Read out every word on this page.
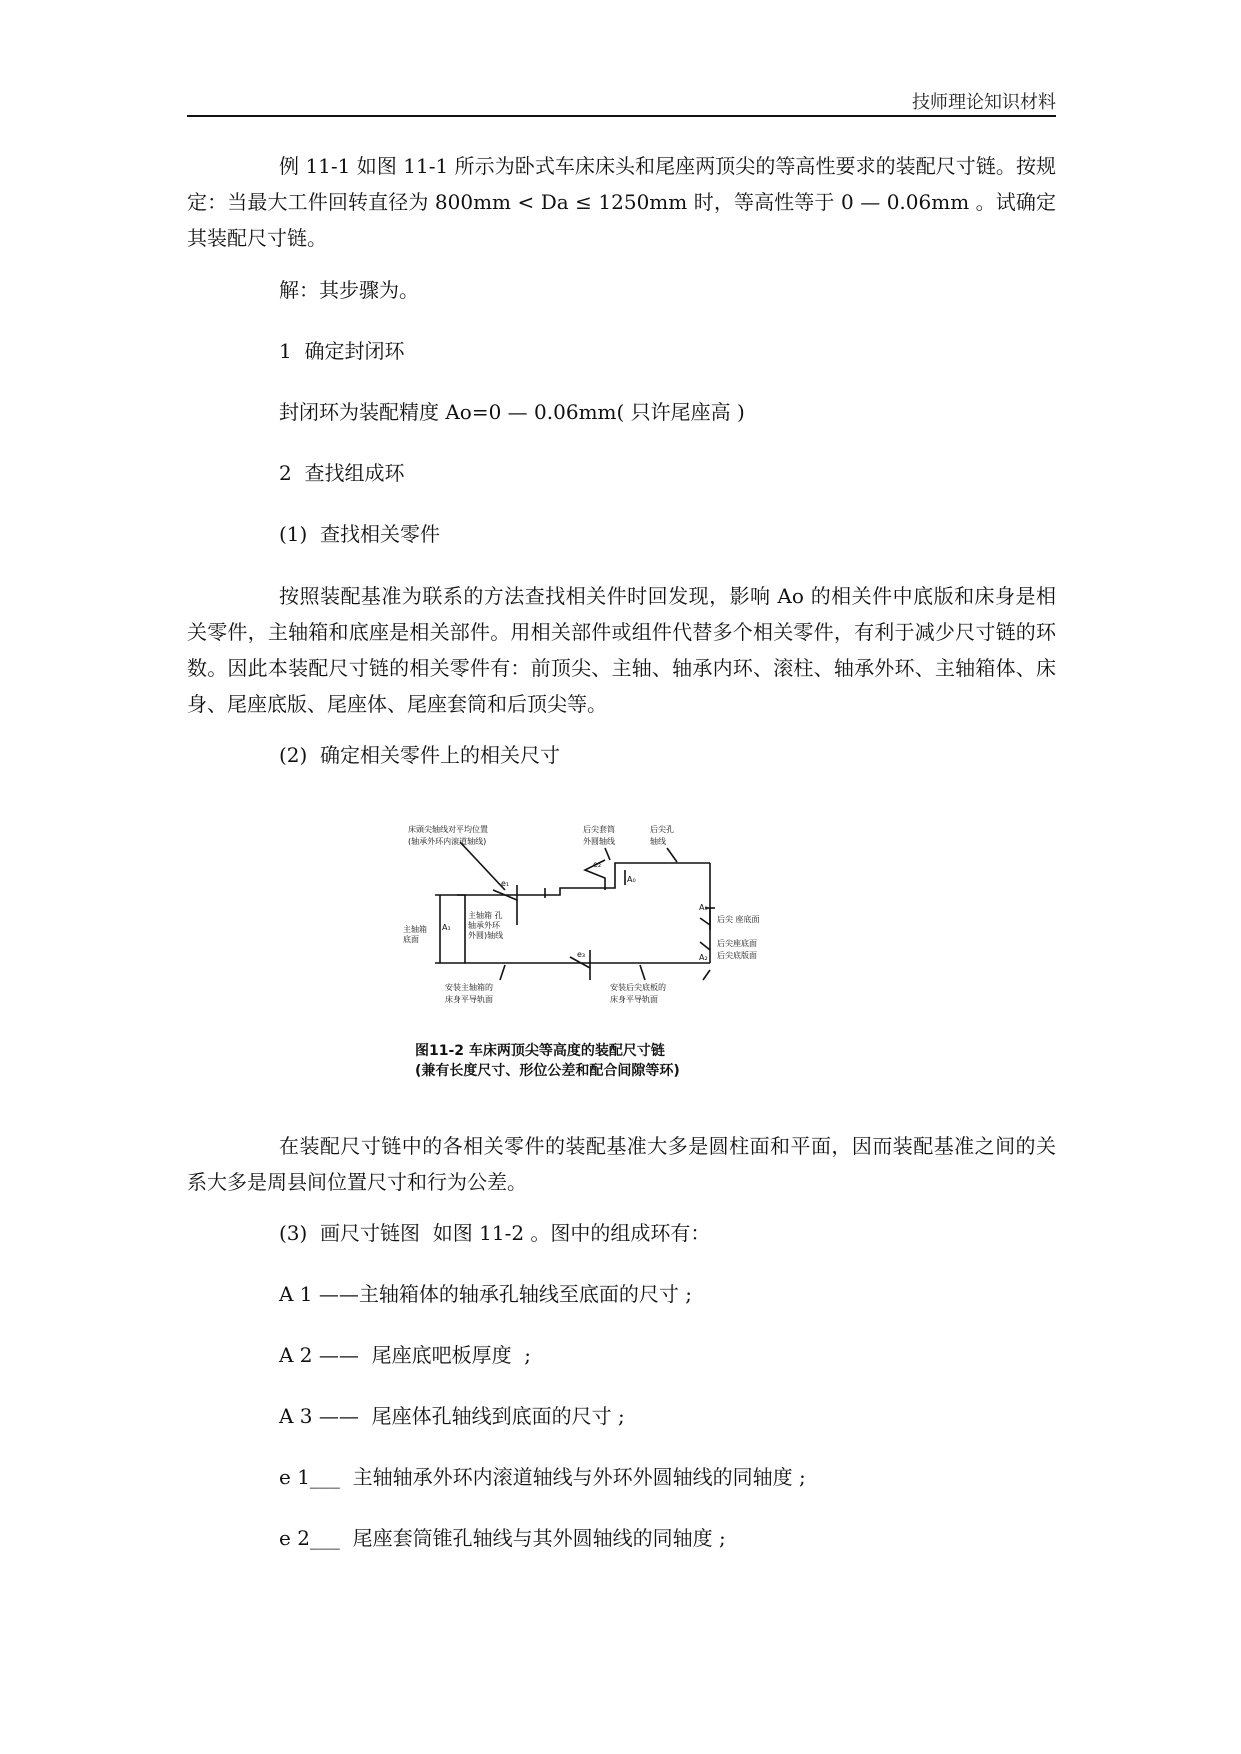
技师理论知识材料

例 11-1 如图 11-1 所示为卧式车床床头和尾座两顶尖的等高性要求的装配尺寸链。按规定：当最大工件回转直径为 800mm < Da ≤ 1250mm 时，等高性等于 0 — 0.06mm 。试确定其装配尺寸链。

解：其步骤为。
1  确定封闭环
封闭环为装配精度 Ao=0 — 0.06mm( 只许尾座高 )
2  查找组成环
(1)  查找相关零件

按照装配基准为联系的方法查找相关件时回发现，影响 Ao 的相关件中底版和床身是相关零件，主轴箱和底座是相关部件。用相关部件或组件代替多个相关零件，有利于减少尺寸链的环数。因此本装配尺寸链的相关零件有：前顶尖、主轴、轴承内环、滚柱、轴承外环、主轴箱体、床身、尾座底版、尾座体、尾座套筒和后顶尖等。

(2)  确定相关零件上的相关尺寸
床頭尖轴线对平均位置
(轴承外环内滚道轴线)
后尖套筒
外圆轴线
后尖孔
轴线
主轴箱 孔
轴承外环
外圆)轴线
主轴箱
底面
后尖 座底面
后尖座底面
后尖底版面
安装主轴箱的
床身平导轨面
安装后尖底板的
床身平导轨面
e₁
e₂
e₃
A₁
A₂
A₃
A₀
图11-2 车床两顶尖等高度的装配尺寸链
(兼有长度尺寸、形位公差和配合间隙等环)

在装配尺寸链中的各相关零件的装配基准大多是圆柱面和平面，因而装配基准之间的关系大多是周县间位置尺寸和行为公差。

(3)  画尺寸链图  如图 11-2 。图中的组成环有：
A 1 ——主轴箱体的轴承孔轴线至底面的尺寸 ;
A 2 ——  尾座底吧板厚度  ;
A 3 ——  尾座体孔轴线到底面的尺寸 ;
e 1___  主轴轴承外环内滚道轴线与外环外圆轴线的同轴度 ;
e 2___  尾座套筒锥孔轴线与其外圆轴线的同轴度 ;
